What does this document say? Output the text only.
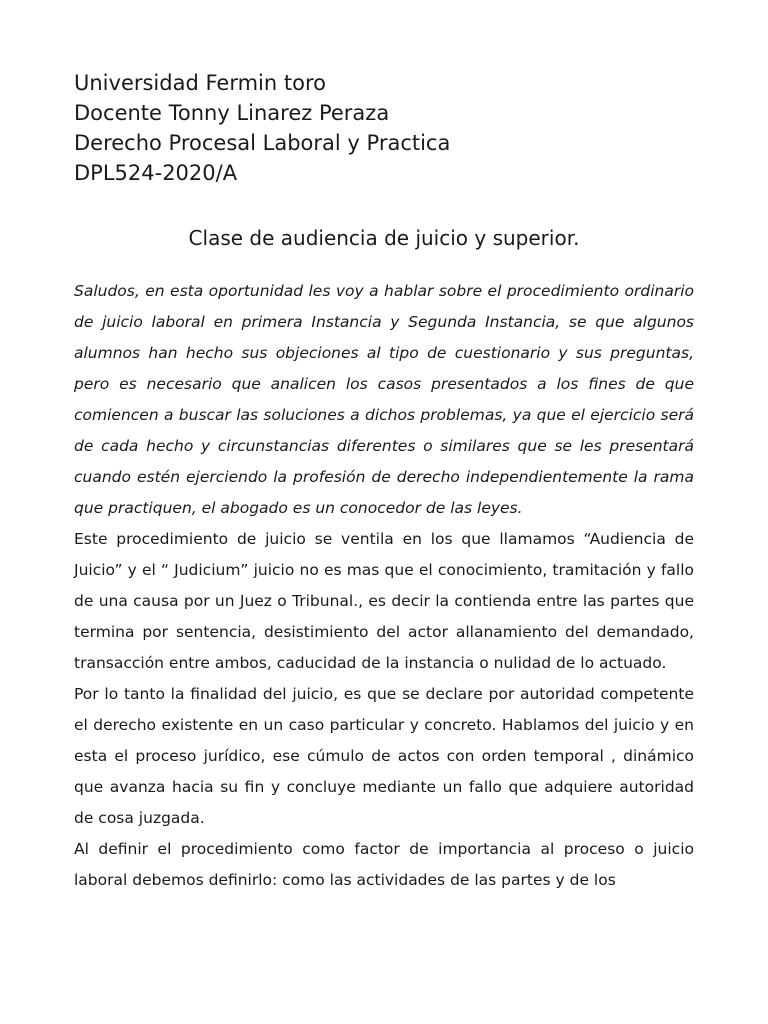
Universidad Fermin toro

Docente Tonny Linarez Peraza

Derecho Procesal Laboral y Practica

DPL524-2020/A

Clase de audiencia de juicio y superior.

Saludos, en esta oportunidad les voy a hablar sobre el procedimiento ordinario de juicio laboral en primera Instancia y Segunda Instancia, se que algunos alumnos han hecho sus objeciones al tipo de cuestionario y sus preguntas, pero es necesario que analicen los casos presentados a los fines de que comiencen a buscar las soluciones a dichos problemas, ya que el ejercicio será de cada hecho y circunstancias diferentes o similares que se les presentará cuando estén ejerciendo la profesión de derecho independientemente la rama que practiquen, el abogado es un conocedor de las leyes.

Este procedimiento de juicio se ventila en los que llamamos “Audiencia de Juicio” y el “ Judicium” juicio no es mas que el conocimiento, tramitación y fallo de una causa por un Juez o Tribunal., es decir la contienda entre las partes que termina por sentencia, desistimiento del actor allanamiento del demandado, transacción entre ambos, caducidad de la instancia o nulidad de lo actuado.

Por lo tanto la finalidad del juicio, es que se declare por autoridad competente el derecho existente en un caso particular y concreto. Hablamos del juicio y en esta el proceso jurídico, ese cúmulo de actos con orden temporal , dinámico que avanza hacia su fin y concluye mediante un fallo que adquiere autoridad de cosa juzgada.

Al definir el procedimiento como factor de importancia al proceso o juicio laboral debemos definirlo: como las actividades de las partes y de los
